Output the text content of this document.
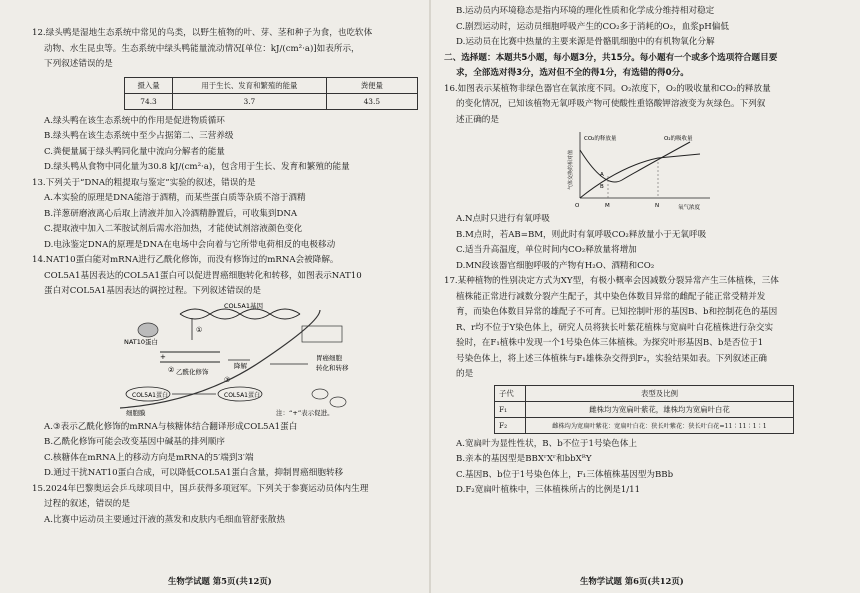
12.绿头鸭是湿地生态系统中常见的鸟类，以野生植物的叶、芽、茎和种子为食，也吃软体

动物、水生昆虫等。生态系统中绿头鸭能量流动情况[单位：kJ/(cm²·a)]如表所示，

下列叙述错误的是

摄入量	用于生长、发育和繁殖的能量	粪便量
74.3	3.7	43.5

A.绿头鸭在该生态系统中的作用是促进物质循环

B.绿头鸭在该生态系统中至少占据第二、三营养级

C.粪便量属于绿头鸭同化量中流向分解者的能量

D.绿头鸭从食物中同化量为30.8 kJ/(cm²·a)，包含用于生长、发育和繁殖的能量

13.下列关于“DNA的粗提取与鉴定”实验的叙述，错误的是

A.本实验的原理是DNA能溶于酒精，而某些蛋白质等杂质不溶于酒精

B.洋葱研磨液离心后取上清液并加入冷酒精静置后，可收集到DNA

C.提取液中加入二苯胺试剂后需水浴加热，才能使试剂溶液颜色变化

D.电泳鉴定DNA的原理是DNA在电场中会向着与它所带电荷相反的电极移动

14.NAT10蛋白能对mRNA进行乙酰化修饰，而没有修饰过的mRNA会被降解。

COL5A1基因表达的COL5A1蛋白可以促进胃癌细胞转化和转移，如图表示NAT10

蛋白对COL5A1基因表达的调控过程。下列叙述错误的是

COL5A1基因
NAT10蛋白
①
+
② 乙酰化修饰
降解
③
COL5A1蛋白	COL5A1蛋白
细胞膜
胃癌细胞
转化和转移
注：“+”表示促进。

A.③表示乙酰化修饰的mRNA与核糖体结合翻译形成COL5A1蛋白

B.乙酰化修饰可能会改变基因中碱基的排列顺序

C.核糖体在mRNA上的移动方向是mRNA的5′端到3′端

D.通过干扰NAT10蛋白合成，可以降低COL5A1蛋白含量，抑制胃癌细胞转移

15.2024年巴黎奥运会乒乓球项目中，国乒获得多项冠军。下列关于参赛运动员体内生理

过程的叙述，错误的是

A.比赛中运动员主要通过汗液的蒸发和皮肤内毛细血管舒张散热

生物学试题 第5页(共12页)

B.运动员内环境稳态是指内环境的理化性质和化学成分维持相对稳定

C.剧烈运动时，运动员细胞呼吸产生的CO₂多于消耗的O₂，血浆pH偏低

D.运动员在比赛中热量的主要来源是骨骼肌细胞中的有机物氧化分解

二、选择题：本题共5小题，每小题3分，共15分。每小题有一个或多个选项符合题目要

求，全部选对得3分，选对但不全的得1分，有选错的得0分。

16.如图表示某植物非绿色器官在氧浓度不同。O₂浓度下，O₂的吸收量和CO₂的释放量

的变化情况，已知该植物无氧呼吸产物可使酸性重铬酸钾溶液变为灰绿色。下列叙

述正确的是

气体交换的相对值
CO₂的释放量	O₂的吸收量
A
B
O	M	N	氧气浓度

A.N点时只进行有氧呼吸

B.M点时，若AB=BM，则此时有氧呼吸CO₂释放量小于无氧呼吸

C.适当升高温度，单位时间内CO₂释放量将增加

D.MN段该器官细胞呼吸的产物有H₂O、酒精和CO₂

17.某种植物的性别决定方式为XY型，有极小概率会因减数分裂异常产生三体植株，三体

植株能正常进行减数分裂产生配子，其中染色体数目异常的雌配子能正常受精并发

育，而染色体数目异常的雄配子不可育。已知控制叶形的基因B、b和控制花色的基因

R、r均不位于Y染色体上，研究人员将狭长叶紫花植株与宽扁叶白花植株进行杂交实

验时，在F₁植株中发现一个1号染色体三体植株。为探究叶形基因B、b是否位于1

号染色体上，将上述三体植株与F₁雄株杂交得到F₂，实验结果如表。下列叙述正确

的是

子代	表型及比例
F₁	雌株均为宽扁叶紫花，雄株均为宽扁叶白花
F₂	雌株均为宽扁叶紫花：宽扁叶白花：狭长叶紫花：狭长叶白花=11∶11∶1∶1

A.宽扁叶为显性性状，B、b不位于1号染色体上

B.亲本的基因型是BBXʳXʳ和bbXᴿY

C.基因B、b位于1号染色体上，F₁三体植株基因型为BBb

D.F₂宽扁叶植株中，三体植株所占的比例是1/11

生物学试题 第6页(共12页)
